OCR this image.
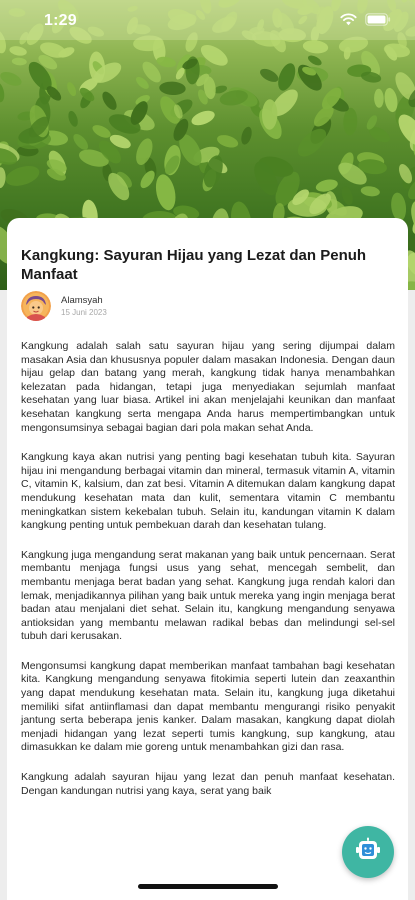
1:29
Kangkung: Sayuran Hijau yang Lezat dan Penuh Manfaat
Alamsyah
15 Juni 2023

Kangkung adalah salah satu sayuran hijau yang sering dijumpai dalam masakan Asia dan khususnya populer dalam masakan Indonesia. Dengan daun hijau gelap dan batang yang merah, kangkung tidak hanya menambahkan kelezatan pada hidangan, tetapi juga menyediakan sejumlah manfaat kesehatan yang luar biasa. Artikel ini akan menjelajahi keunikan dan manfaat kesehatan kangkung serta mengapa Anda harus mempertimbangkan untuk mengonsumsinya sebagai bagian dari pola makan sehat Anda.

Kangkung kaya akan nutrisi yang penting bagi kesehatan tubuh kita. Sayuran hijau ini mengandung berbagai vitamin dan mineral, termasuk vitamin A, vitamin C, vitamin K, kalsium, dan zat besi. Vitamin A ditemukan dalam kangkung dapat mendukung kesehatan mata dan kulit, sementara vitamin C membantu meningkatkan sistem kekebalan tubuh. Selain itu, kandungan vitamin K dalam kangkung penting untuk pembekuan darah dan kesehatan tulang.

Kangkung juga mengandung serat makanan yang baik untuk pencernaan. Serat membantu menjaga fungsi usus yang sehat, mencegah sembelit, dan membantu menjaga berat badan yang sehat. Kangkung juga rendah kalori dan lemak, menjadikannya pilihan yang baik untuk mereka yang ingin menjaga berat badan atau menjalani diet sehat. Selain itu, kangkung mengandung senyawa antioksidan yang membantu melawan radikal bebas dan melindungi sel-sel tubuh dari kerusakan.

Mengonsumsi kangkung dapat memberikan manfaat tambahan bagi kesehatan kita. Kangkung mengandung senyawa fitokimia seperti lutein dan zeaxanthin yang dapat mendukung kesehatan mata. Selain itu, kangkung juga diketahui memiliki sifat antiinflamasi dan dapat membantu mengurangi risiko penyakit jantung serta beberapa jenis kanker. Dalam masakan, kangkung dapat diolah menjadi hidangan yang lezat seperti tumis kangkung, sup kangkung, atau dimasukkan ke dalam mie goreng untuk menambahkan gizi dan rasa.

Kangkung adalah sayuran hijau yang lezat dan penuh manfaat kesehatan. Dengan kandungan nutrisi yang kaya, serat yang baik
